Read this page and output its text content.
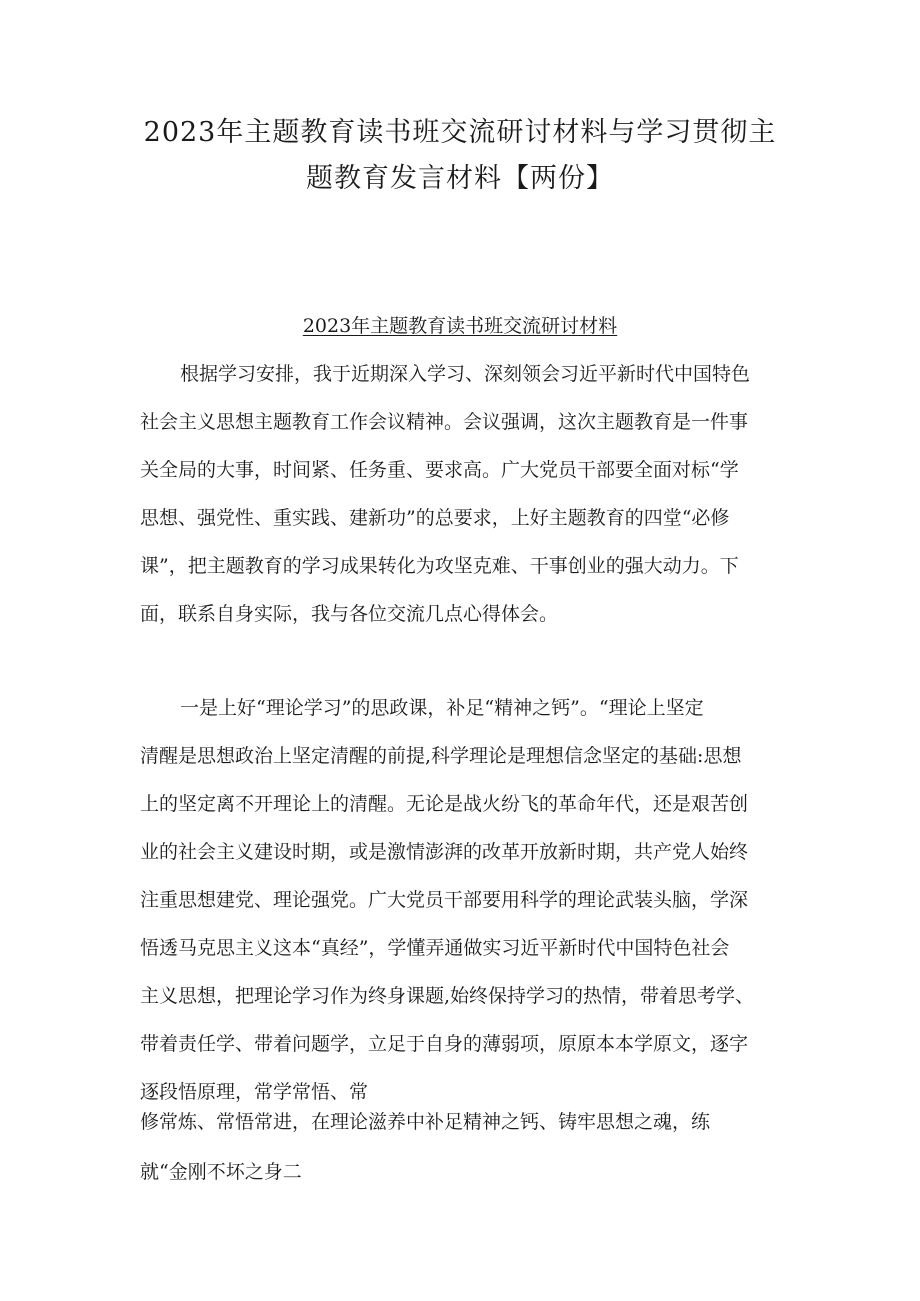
2023年主题教育读书班交流研讨材料与学习贯彻主
题教育发言材料【两份】
2023年主题教育读书班交流研讨材料

根据学习安排，我于近期深入学习、深刻领会习近平新时代中国特色
社会主义思想主题教育工作会议精神。会议强调，这次主题教育是一件事
关全局的大事，时间紧、任务重、要求高。广大党员干部要全面对标“学
思想、强党性、重实践、建新功”的总要求，上好主题教育的四堂“必修
课”，把主题教育的学习成果转化为攻坚克难、干事创业的强大动力。下
面，联系自身实际，我与各位交流几点心得体会。

一是上好“理论学习”的思政课，补足“精神之钙”。“理论上坚定
清醒是思想政治上坚定清醒的前提,科学理论是理想信念坚定的基础:思想
上的坚定离不开理论上的清醒。无论是战火纷飞的革命年代，还是艰苦创
业的社会主义建设时期，或是激情澎湃的改革开放新时期，共产党人始终
注重思想建党、理论强党。广大党员干部要用科学的理论武装头脑，学深
悟透马克思主义这本“真经”，学懂弄通做实习近平新时代中国特色社会
主义思想，把理论学习作为终身课题,始终保持学习的热情，带着思考学、
带着责任学、带着问题学，立足于自身的薄弱项，原原本本学原文，逐字
逐段悟原理，常学常悟、常

修常炼、常悟常进，在理论滋养中补足精神之钙、铸牢思想之魂，练

就“金刚不坏之身二
